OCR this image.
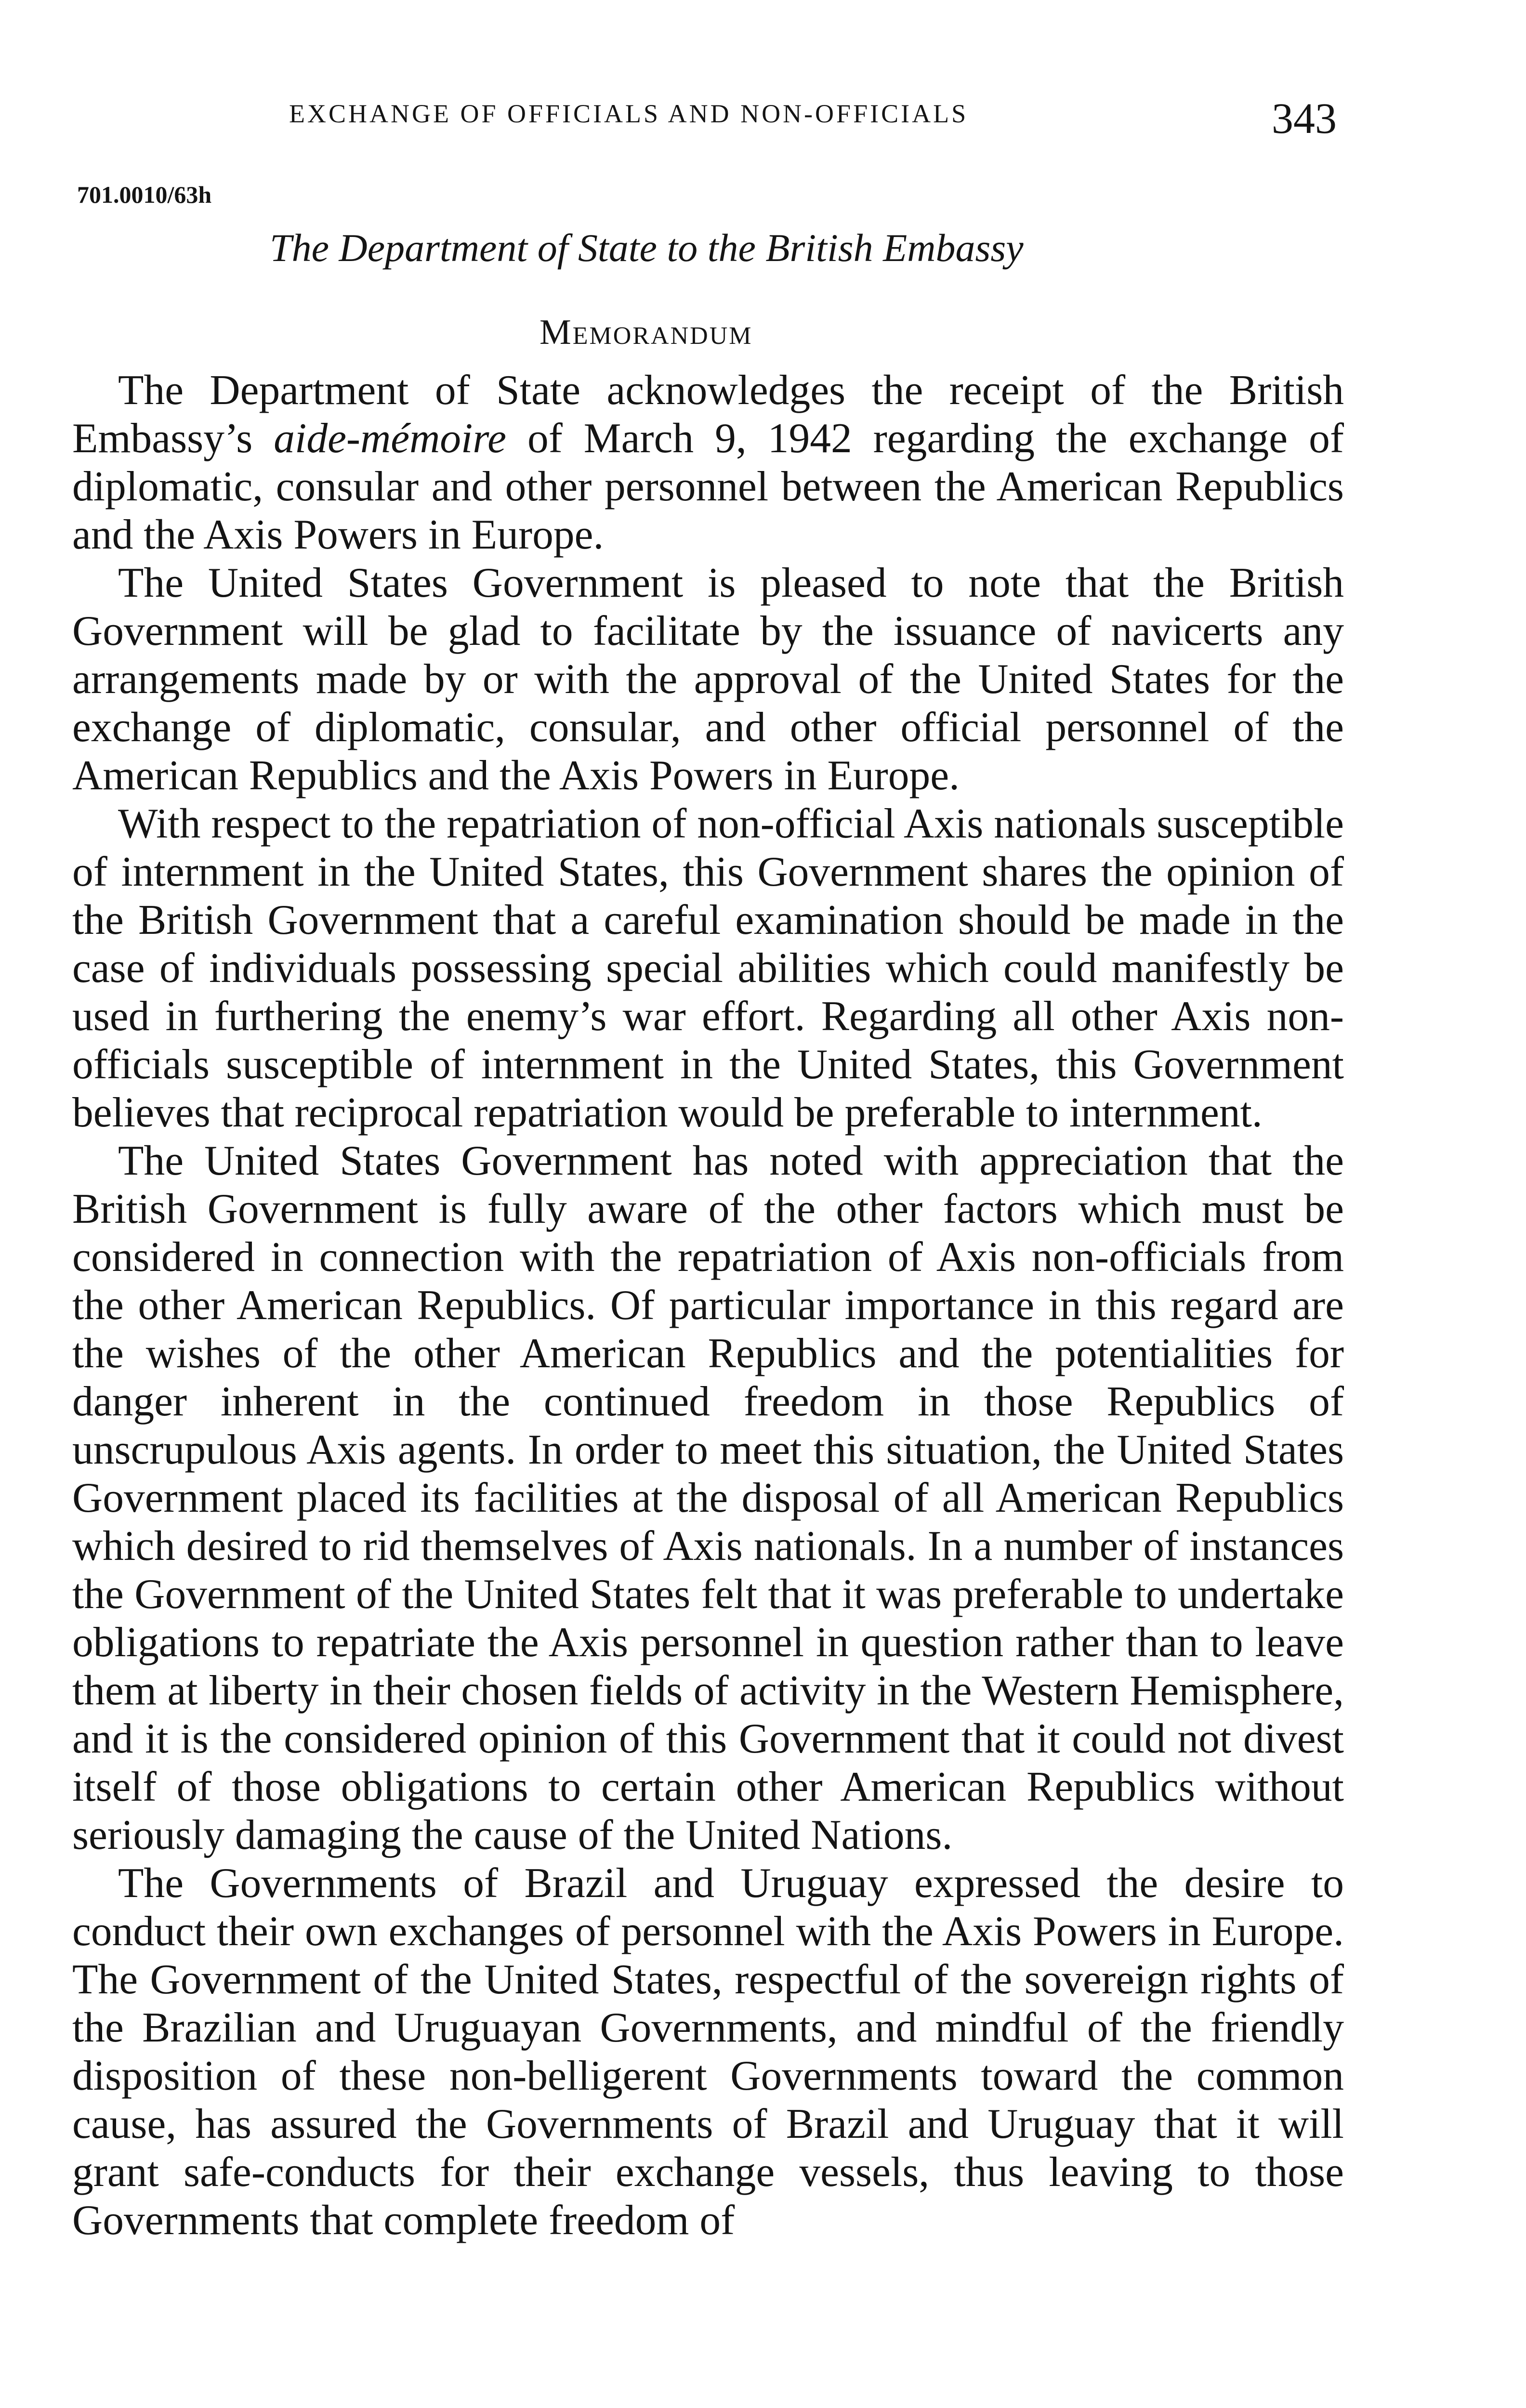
EXCHANGE OF OFFICIALS AND NON-OFFICIALS	343
701.0010/63h
The Department of State to the British Embassy
Memorandum

The Department of State acknowledges the receipt of the British Embassy’s aide-mémoire of March 9, 1942 regarding the exchange of diplomatic, consular and other personnel between the American Republics and the Axis Powers in Europe.

The United States Government is pleased to note that the British Government will be glad to facilitate by the issuance of navicerts any arrangements made by or with the approval of the United States for the exchange of diplomatic, consular, and other official personnel of the American Republics and the Axis Powers in Europe.

With respect to the repatriation of non-official Axis nationals susceptible of internment in the United States, this Government shares the opinion of the British Government that a careful examination should be made in the case of individuals possessing special abilities which could manifestly be used in furthering the enemy’s war effort. Regarding all other Axis non-officials susceptible of internment in the United States, this Government believes that reciprocal repatriation would be preferable to internment.

The United States Government has noted with appreciation that the British Government is fully aware of the other factors which must be considered in connection with the repatriation of Axis non-officials from the other American Republics. Of particular importance in this regard are the wishes of the other American Republics and the potentialities for danger inherent in the continued freedom in those Republics of unscrupulous Axis agents. In order to meet this situation, the United States Government placed its facilities at the disposal of all American Republics which desired to rid themselves of Axis nationals. In a number of instances the Government of the United States felt that it was preferable to undertake obligations to repatriate the Axis personnel in question rather than to leave them at liberty in their chosen fields of activity in the Western Hemisphere, and it is the considered opinion of this Government that it could not divest itself of those obligations to certain other American Republics without seriously damaging the cause of the United Nations.

The Governments of Brazil and Uruguay expressed the desire to conduct their own exchanges of personnel with the Axis Powers in Europe. The Government of the United States, respectful of the sovereign rights of the Brazilian and Uruguayan Governments, and mindful of the friendly disposition of these non-belligerent Governments toward the common cause, has assured the Governments of Brazil and Uruguay that it will grant safe-conducts for their exchange vessels, thus leaving to those Governments that complete freedom of
